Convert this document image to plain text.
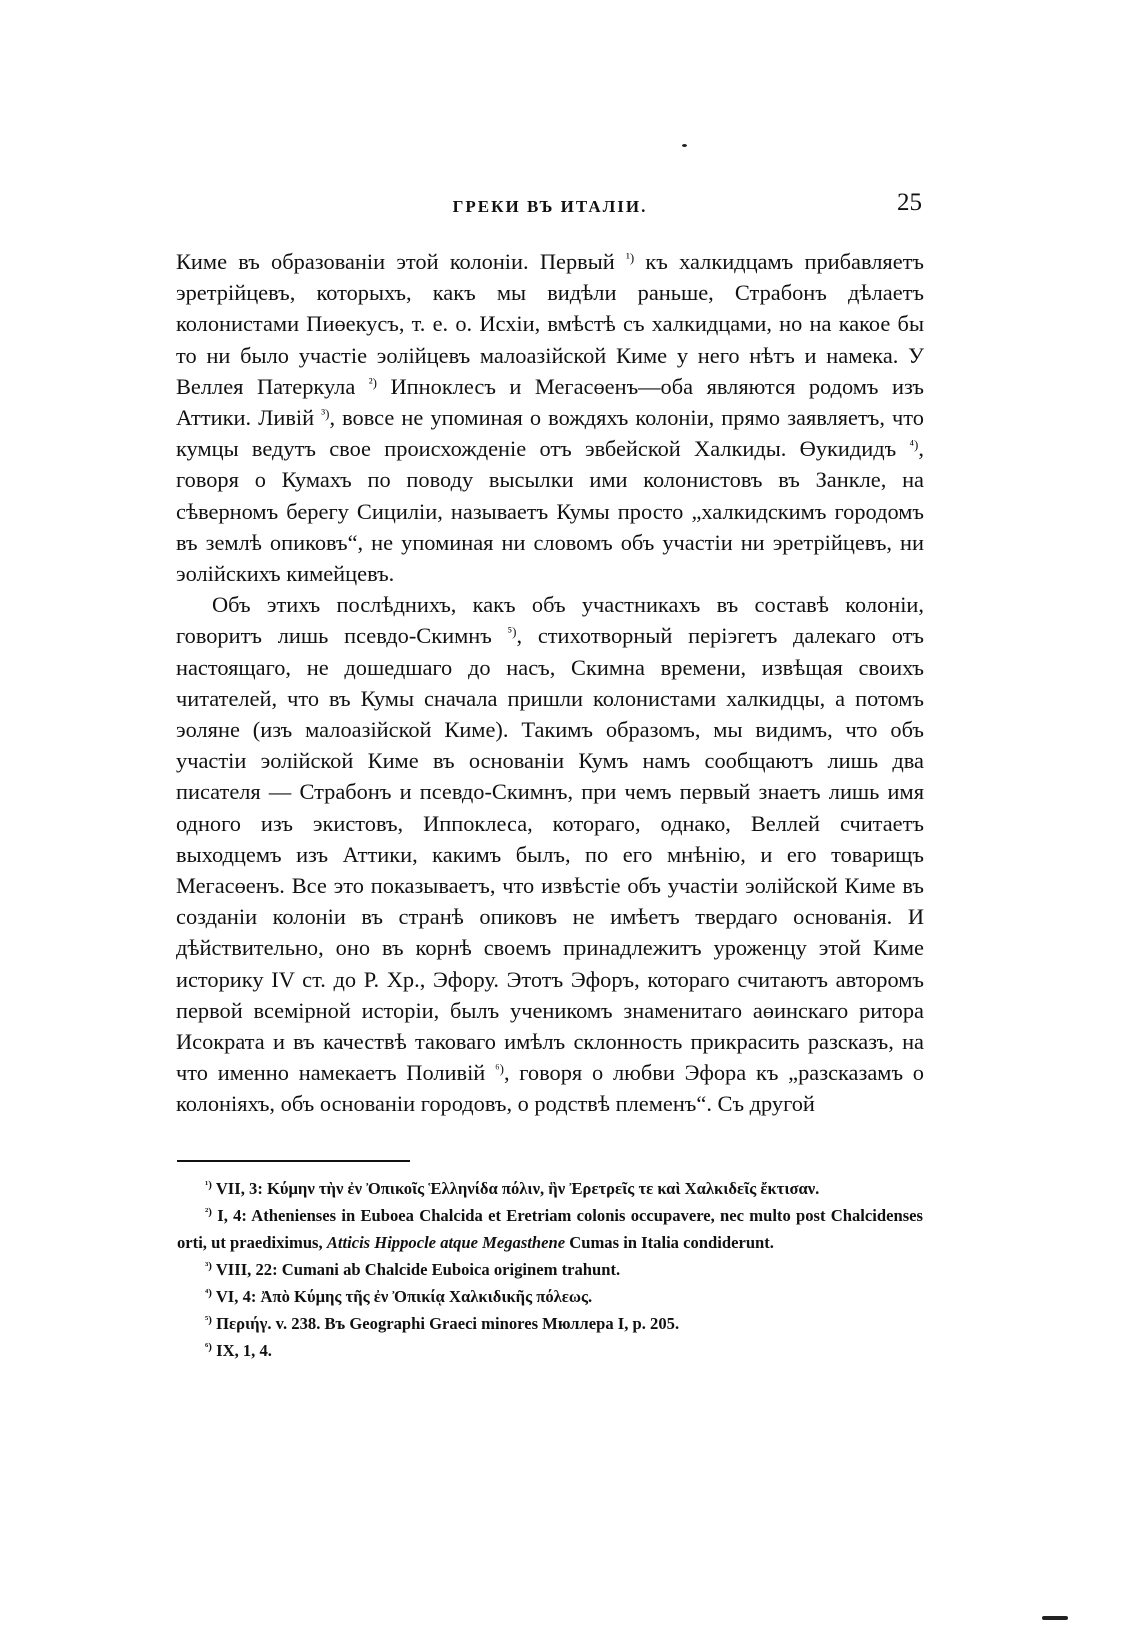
ГРЕКИ ВЪ ИТАЛІИ.	25

Киме въ образованіи этой колоніи. Первый $^{^1)}$ къ халкидцамъ прибавляетъ эретрійцевъ, которыхъ, какъ мы видѣли раньше, Страбонъ дѣлаетъ колонистами Пиөекусъ, т. е. о. Исхіи, вмѣстѣ съ халкидцами, но на какое бы то ни было участіе эолійцевъ малоазійской Киме у него нѣтъ и намека. У Веллея Патеркула $^{^2)}$ Ипноклесъ и Мегасөенъ—оба являются родомъ изъ Аттики. Ливій $^{^3)}$, вовсе не упоминая о вождяхъ колоніи, прямо заявляетъ, что кумцы ведутъ свое происхожденіе отъ эвбейской Халкиды. Өукидидъ $^{^4)}$, говоря о Кумахъ по поводу высылки ими колонистовъ въ Занкле, на сѣверномъ берегу Сициліи, называетъ Кумы просто „халкидскимъ городомъ въ землѣ опиковъ“, не упоминая ни словомъ объ участіи ни эретрійцевъ, ни эолійскихъ кимейцевъ.

Объ этихъ послѣднихъ, какъ объ участникахъ въ составѣ колоніи, говоритъ лишь псевдо-Скимнъ $^{^5)}$, стихотворный періэгетъ далекаго отъ настоящаго, не дошедшаго до насъ, Скимна времени, извѣщая своихъ читателей, что въ Кумы сначала пришли колонистами халкидцы, а потомъ эоляне (изъ малоазійской Киме). Такимъ образомъ, мы видимъ, что объ участіи эолійской Киме въ основаніи Кумъ намъ сообщаютъ лишь два писателя — Страбонъ и псевдо-Скимнъ, при чемъ первый знаетъ лишь имя одного изъ экистовъ, Иппоклеса, котораго, однако, Веллей считаетъ выходцемъ изъ Аттики, какимъ былъ, по его мнѣнію, и его товарищъ Мегасөенъ. Все это показываетъ, что извѣстіе объ участіи эолійской Киме въ созданіи колоніи въ странѣ опиковъ не имѣетъ твердаго основанія. И дѣйствительно, оно въ корнѣ своемъ принадлежитъ уроженцу этой Киме историку IV ст. до Р. Хр., Эфору. Этотъ Эфоръ, котораго считаютъ авторомъ первой всемірной исторіи, былъ ученикомъ знаменитаго аөинскаго ритора Исократа и въ качествѣ таковаго имѣлъ склонность прикрасить разсказъ, на что именно намекаетъ Поливій $^{^6)}$, говоря о любви Эфора къ „разсказамъ о колоніяхъ, объ основаніи городовъ, о родствѣ племенъ“. Съ другой

$^{^1)}$ VII, 3: Κύμην τὴν ἐν Ὀπικοῖς Ἑλληνίδα πόλιν, ἣν Ἐρετρεῖς τε καὶ Χαλκιδεῖς ἔκτισαν.

$^{^2)}$ I, 4: Athenienses in Euboea Chalcida et Eretriam colonis occupavere, nec multo post Chalcidenses orti, ut praediximus, Atticis Hippocle atque Megasthene Cumas in Italia condiderunt.

$^{^3)}$ VIII, 22: Cumani ab Chalcide Euboica originem trahunt.

$^{^4)}$ VI, 4: Ἀπὸ Κύμης τῆς ἐν Ὀπικίᾳ Χαλκιδικῆς πόλεως.

$^{^5)}$ Περιήγ. v. 238. Въ Geographi Graeci minores Мюллера I, p. 205.

$^{^6)}$ IX, 1, 4.
